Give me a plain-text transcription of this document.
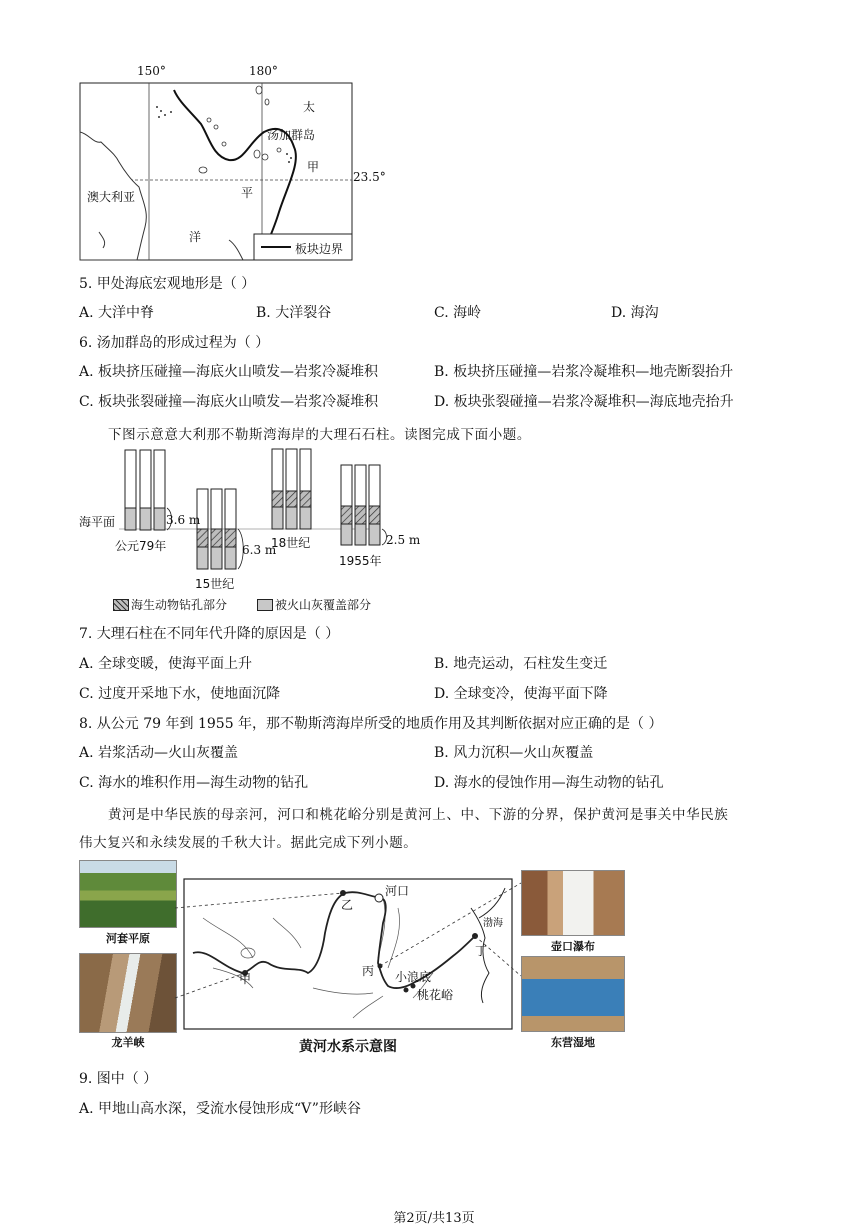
150°	180°
太
汤加群岛
甲
平
澳大利亚
洋
23.5°
板块边界
5. 甲处海底宏观地形是（ ）
A. 大洋中脊	B. 大洋裂谷	C. 海岭	D. 海沟
6. 汤加群岛的形成过程为（ ）
A. 板块挤压碰撞—海底火山喷发—岩浆冷凝堆积	B. 板块挤压碰撞—岩浆冷凝堆积—地壳断裂抬升
C. 板块张裂碰撞—海底火山喷发—岩浆冷凝堆积	D. 板块张裂碰撞—岩浆冷凝堆积—海底地壳抬升
下图示意意大利那不勒斯湾海岸的大理石石柱。读图完成下面小题。
海平面	3.6 m
公元79年	6.3 m
15世纪
18世纪	2.5 m
1955年
海生动物钻孔部分	被火山灰覆盖部分
7. 大理石柱在不同年代升降的原因是（ ）
A. 全球变暖，使海平面上升	B. 地壳运动，石柱发生变迁
C. 过度开采地下水，使地面沉降	D. 全球变冷，使海平面下降
8. 从公元 79 年到 1955 年，那不勒斯湾海岸所受的地质作用及其判断依据对应正确的是（ ）
A. 岩浆活动—火山灰覆盖	B. 风力沉积—火山灰覆盖
C. 海水的堆积作用—海生动物的钻孔	D. 海水的侵蚀作用—海生动物的钻孔
黄河是中华民族的母亲河，河口和桃花峪分别是黄河上、中、下游的分界，保护黄河是事关中华民族
伟大复兴和永续发展的千秋大计。据此完成下列小题。
河套平原
龙羊峡
壶口瀑布
东营湿地
乙
河口
甲
丙 小浪底
桃花峪
丁
渤海
黄河水系示意图
9. 图中（ ）
A. 甲地山高水深，受流水侵蚀形成“V”形峡谷
第2页/共13页
